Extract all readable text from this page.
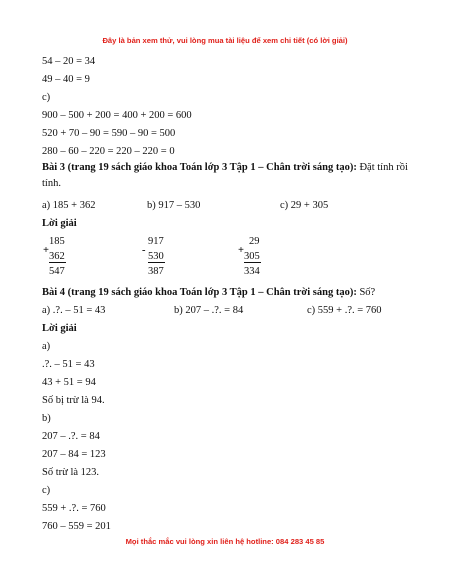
Đây là bản xem thử, vui lòng mua tài liệu để xem chi tiết (có lời giải)
54 – 20 = 34
49 – 40 = 9
c)
900 – 500 + 200 = 400 + 200 = 600
520 + 70 – 90 = 590 – 90 = 500
280 – 60 – 220 = 220 – 220 = 0
Bài 3 (trang 19 sách giáo khoa Toán lớp 3 Tập 1 – Chân trời sáng tạo): Đặt tính rồi tính.
a) 185 + 362	b) 917 – 530	c) 29 + 305
Lời giải
+
185
362
547
-
917
530
387
+
29
305
334
Bài 4 (trang 19 sách giáo khoa Toán lớp 3 Tập 1 – Chân trời sáng tạo): Số?
a) .?. – 51 = 43	b) 207 – .?. = 84	c) 559 + .?. = 760
Lời giải
a)
.?. – 51 = 43
43 + 51 = 94
Số bị trừ là 94.
b)
207 – .?. = 84
207 – 84 = 123
Số trừ là 123.
c)
559 + .?. = 760
760 – 559 = 201
Mọi thắc mắc vui lòng xin liên hệ hotline: 084 283 45 85
